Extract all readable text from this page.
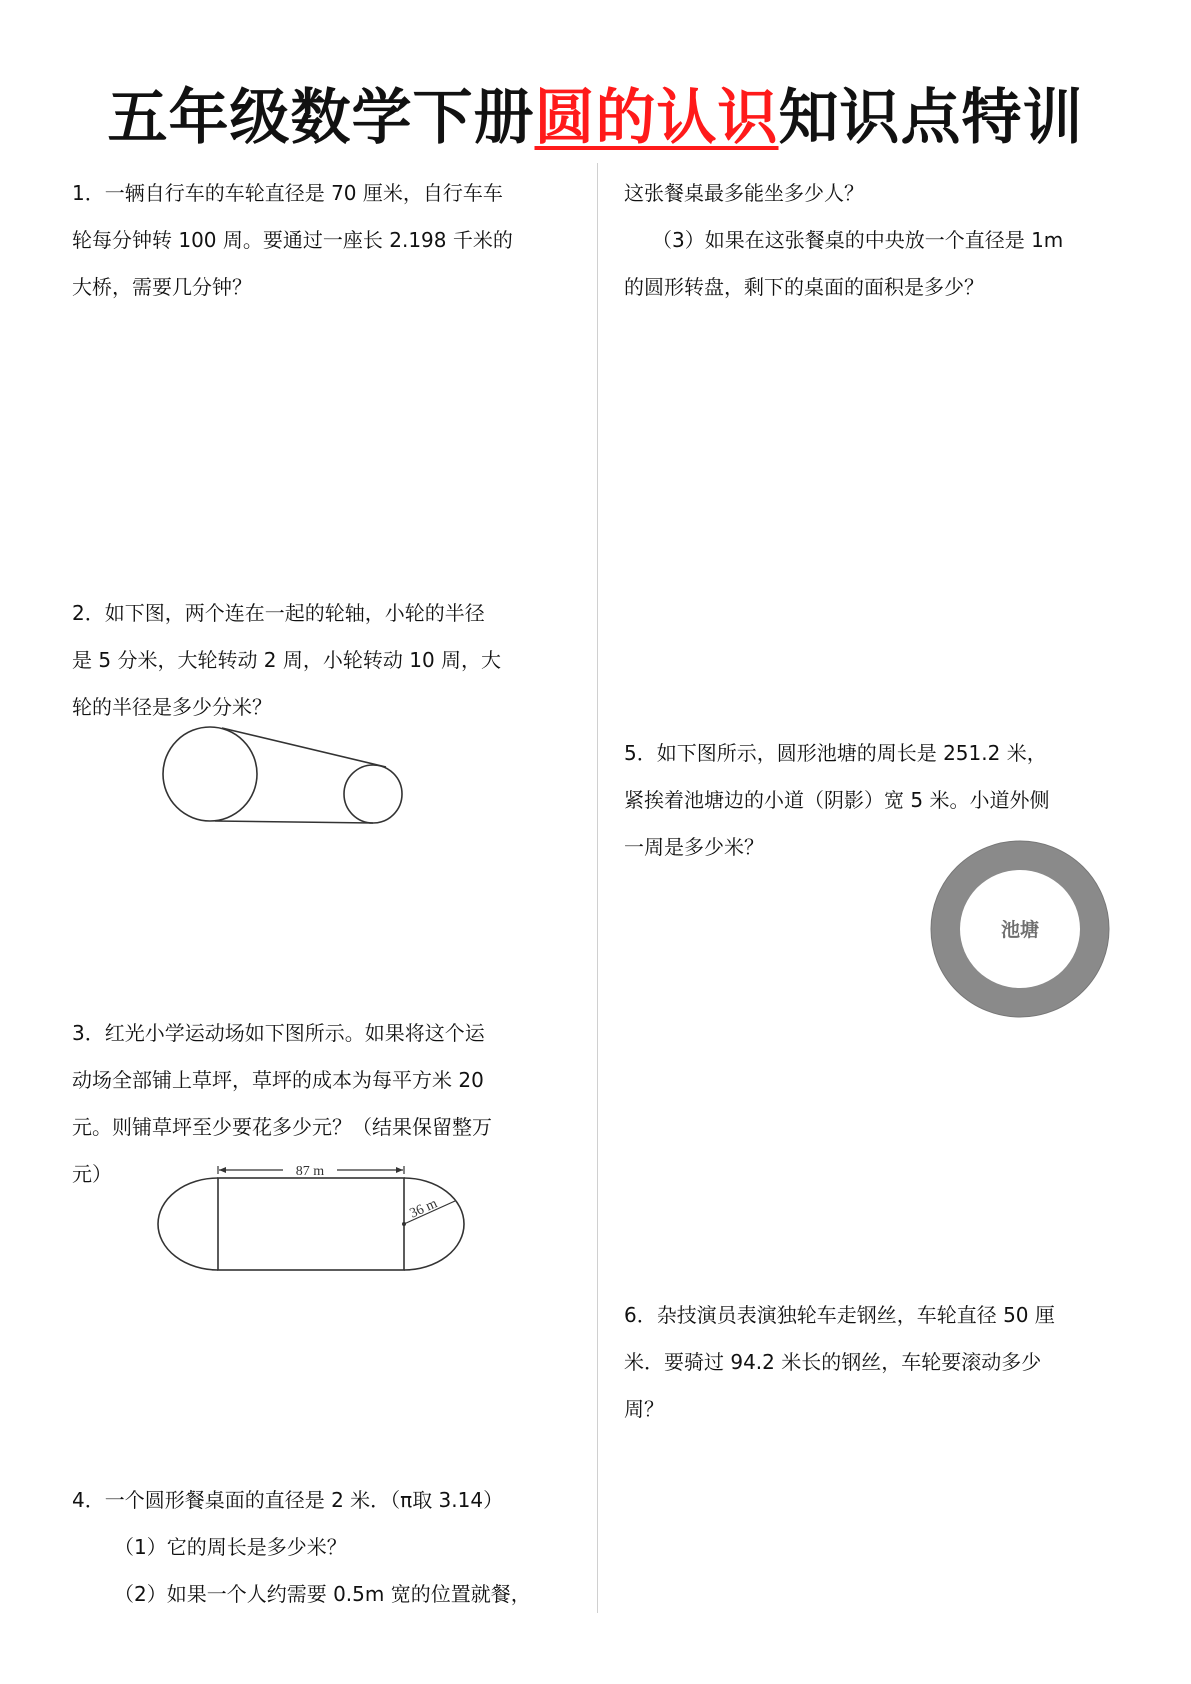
五年级数学下册圆的认识知识点特训
1．一辆自行车的车轮直径是 70 厘米，自行车车
轮每分钟转 100 周。要通过一座长 2.198 千米的
大桥，需要几分钟？
2．如下图，两个连在一起的轮轴，小轮的半径
是 5 分米，大轮转动 2 周，小轮转动 10 周，大
轮的半径是多少分米？
3．红光小学运动场如下图所示。如果将这个运
动场全部铺上草坪，草坪的成本为每平方米 20
元。则铺草坪至少要花多少元？（结果保留整万
元）	87 m
36 m
4．一个圆形餐桌面的直径是 2 米．（π取 3.14）
（1）它的周长是多少米？
（2）如果一个人约需要 0.5m 宽的位置就餐，
这张餐桌最多能坐多少人？
（3）如果在这张餐桌的中央放一个直径是 1m
的圆形转盘，剩下的桌面的面积是多少？
5．如下图所示，圆形池塘的周长是 251.2 米，
紧挨着池塘边的小道（阴影）宽 5 米。小道外侧
一周是多少米？
池塘
6．杂技演员表演独轮车走钢丝，车轮直径 50 厘
米．要骑过 94.2 米长的钢丝，车轮要滚动多少
周？
